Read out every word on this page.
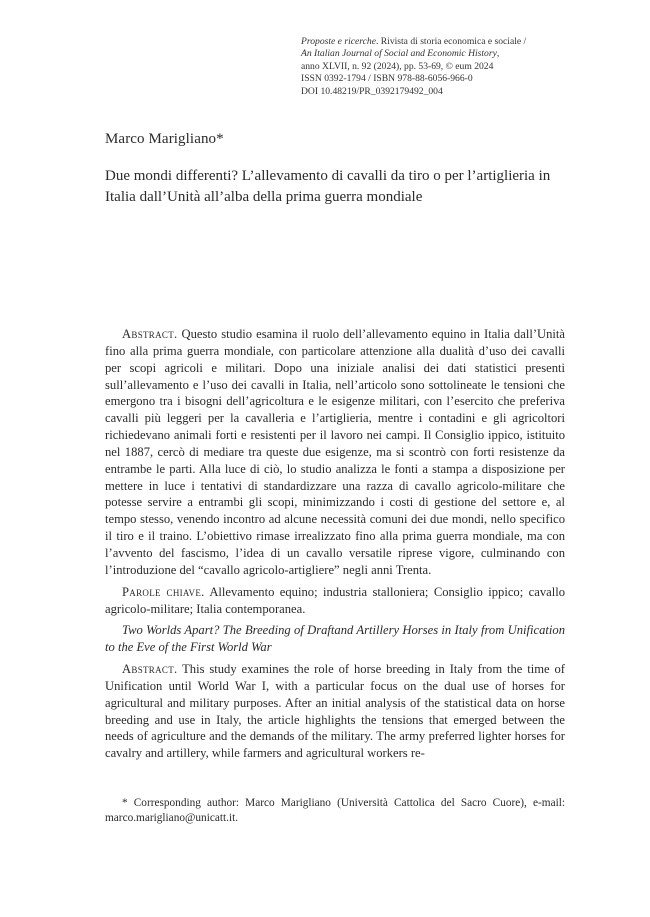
Proposte e ricerche. Rivista di storia economica e sociale /
An Italian Journal of Social and Economic History,
anno XLVII, n. 92 (2024), pp. 53-69, © eum 2024
ISSN 0392-1794 / ISBN 978-88-6056-966-0
DOI 10.48219/PR_0392179492_004
Marco Marigliano*
Due mondi differenti? L’allevamento di cavalli da tiro o per l’artiglieria in Italia dall’Unità all’alba della prima guerra mondiale

Abstract. Questo studio esamina il ruolo dell’allevamento equino in Italia dall’Unità fino alla prima guerra mondiale, con particolare attenzione alla dualità d’uso dei cavalli per scopi agricoli e militari. Dopo una iniziale analisi dei dati statistici presenti sull’allevamento e l’uso dei cavalli in Italia, nell’articolo sono sottolineate le tensioni che emergono tra i bisogni dell’agricoltura e le esigenze militari, con l’esercito che preferiva cavalli più leggeri per la cavalleria e l’artiglieria, mentre i contadini e gli agricoltori richiedevano animali forti e resistenti per il lavoro nei campi. Il Consiglio ippico, istituito nel 1887, cercò di mediare tra queste due esigenze, ma si scontrò con forti resistenze da entrambe le parti. Alla luce di ciò, lo studio analizza le fonti a stampa a disposizione per mettere in luce i tentativi di standardizzare una razza di cavallo agricolo-militare che potesse servire a entrambi gli scopi, minimizzando i costi di gestione del settore e, al tempo stesso, venendo incontro ad alcune necessità comuni dei due mondi, nello specifico il tiro e il traino. L’obiettivo rimase irrealizzato fino alla prima guerra mondiale, ma con l’avvento del fascismo, l’idea di un cavallo versatile riprese vigore, culminando con l’introduzione del “cavallo agricolo-artigliere” negli anni Trenta.

Parole chiave. Allevamento equino; industria stalloniera; Consiglio ippico; cavallo agricolo-militare; Italia contemporanea.

Two Worlds Apart? The Breeding of Draftand Artillery Horses in Italy from Unification to the Eve of the First World War

Abstract. This study examines the role of horse breeding in Italy from the time of Unification until World War I, with a particular focus on the dual use of horses for agricultural and military purposes. After an initial analysis of the statistical data on horse breeding and use in Italy, the article highlights the tensions that emerged between the needs of agriculture and the demands of the military. The army preferred lighter horses for cavalry and artillery, while farmers and agricultural workers re-

* Corresponding author: Marco Marigliano (Università Cattolica del Sacro Cuore), e-mail: marco.marigliano@unicatt.it.
